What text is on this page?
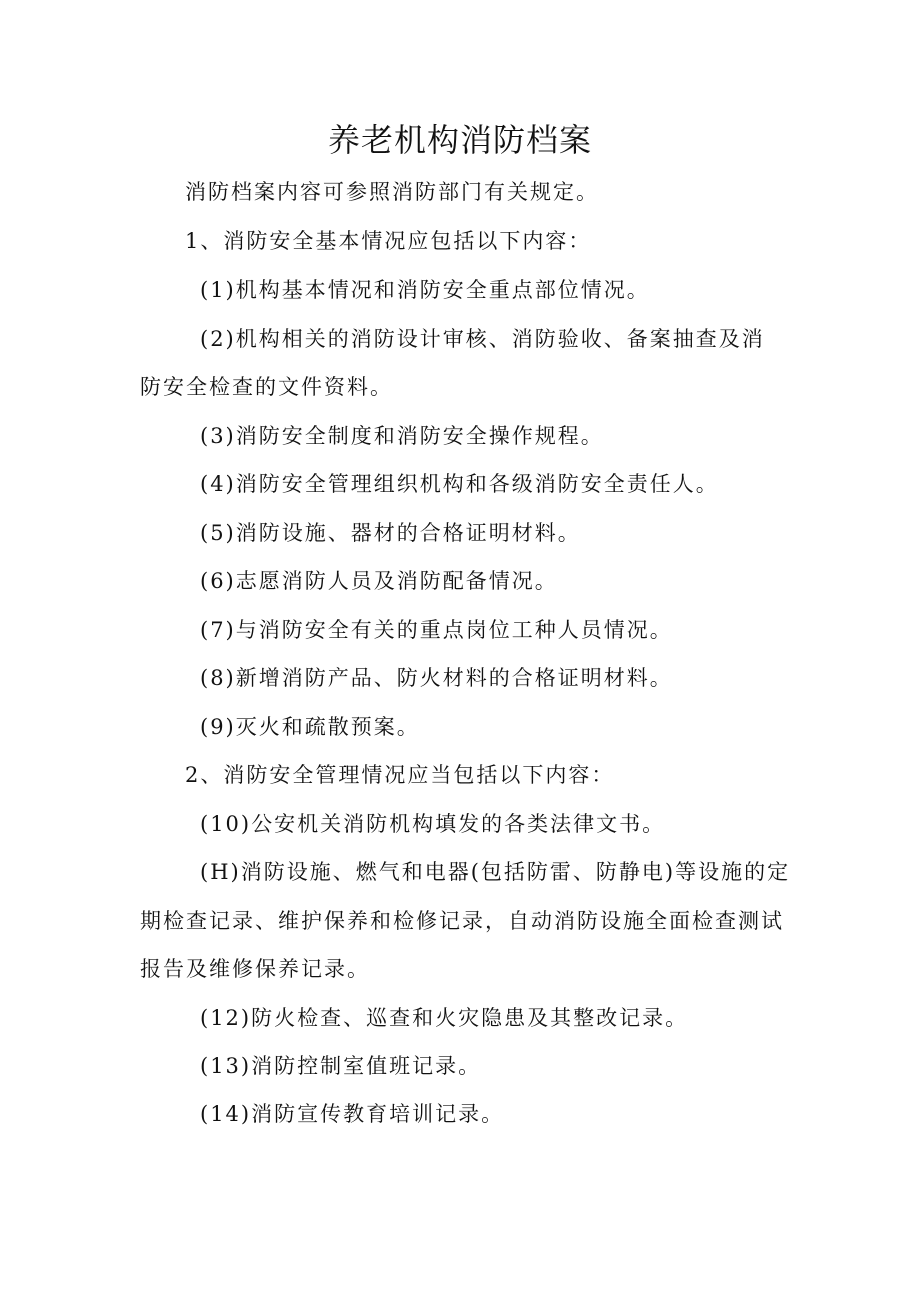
养老机构消防档案
消防档案内容可参照消防部门有关规定。
1、消防安全基本情况应包括以下内容：
(1)机构基本情况和消防安全重点部位情况。
(2)机构相关的消防设计审核、消防验收、备案抽查及消
防安全检查的文件资料。
(3)消防安全制度和消防安全操作规程。
(4)消防安全管理组织机构和各级消防安全责任人。
(5)消防设施、器材的合格证明材料。
(6)志愿消防人员及消防配备情况。
(7)与消防安全有关的重点岗位工种人员情况。
(8)新增消防产品、防火材料的合格证明材料。
(9)灭火和疏散预案。
2、消防安全管理情况应当包括以下内容：
(10)公安机关消防机构填发的各类法律文书。
(H)消防设施、燃气和电器(包括防雷、防静电)等设施的定
期检查记录、维护保养和检修记录，自动消防设施全面检查测试
报告及维修保养记录。
(12)防火检查、巡查和火灾隐患及其整改记录。
(13)消防控制室值班记录。
(14)消防宣传教育培训记录。
